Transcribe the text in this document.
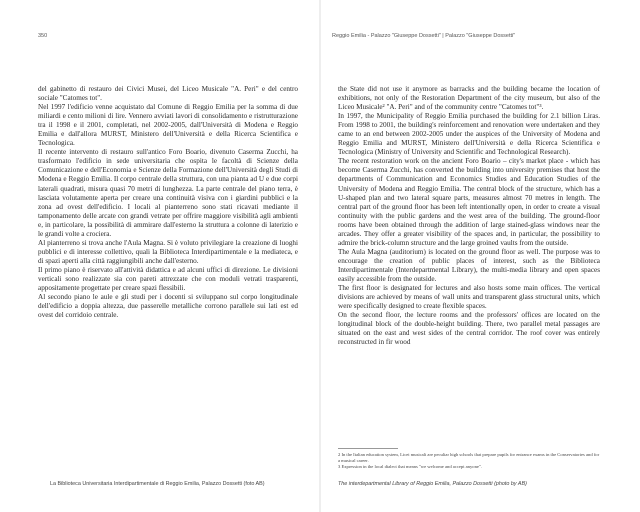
350	Reggio Emilia - Palazzo "Giuseppe Dossetti" | Palazzo "Giuseppe Dossetti"

del gabinetto di restauro dei Civici Musei, del Liceo Musicale "A. Peri" e del centro sociale "Catomes tot".

Nel 1997 l'edificio venne acquistato dal Comune di Reggio Emilia per la somma di due miliardi e cento milioni di lire. Vennero avviati lavori di consolidamento e ristrutturazione tra il 1998 e il 2001, completati, nel 2002-2005, dall'Università di Modena e Reggio Emilia e dall'allora MURST, Ministero dell'Università e della Ricerca Scientifica e Tecnologica.

Il recente intervento di restauro sull'antico Foro Boario, divenuto Caserma Zucchi, ha trasformato l'edificio in sede universitaria che ospita le facoltà di Scienze della Comunicazione e dell'Economia e Scienze della Formazione dell'Università degli Studi di Modena e Reggio Emilia. Il corpo centrale della struttura, con una pianta ad U e due corpi laterali quadrati, misura quasi 70 metri di lunghezza. La parte centrale del piano terra, è lasciata volutamente aperta per creare una continuità visiva con i giardini pubblici e la zona ad ovest dell'edificio. I locali al pianterreno sono stati ricavati mediante il tamponamento delle arcate con grandi vetrate per offrire maggiore visibilità agli ambienti e, in particolare, la possibilità di ammirare dall'esterno la struttura a colonne di laterizio e le grandi volte a crociera.

Al pianterreno si trova anche l'Aula Magna. Si è voluto privilegiare la creazione di luoghi pubblici e di interesse collettivo, quali la Biblioteca Interdipartimentale e la mediateca, e di spazi aperti alla città raggiungibili anche dall'esterno.

Il primo piano è riservato all'attività didattica e ad alcuni uffici di direzione. Le divisioni verticali sono realizzate sia con pareti attrezzate che con moduli vetrati trasparenti, appositamente progettate per creare spazi flessibili.

Al secondo piano le aule e gli studi per i docenti si sviluppano sul corpo longitudinale dell'edificio a doppia altezza, due passerelle metalliche corrono parallele sui lati est ed ovest del corridoio centrale.

the State did not use it anymore as barracks and the building became the location of exhibitions, not only of the Restoration Department of the city museum, but also of the Liceo Musicale² "A. Peri" and of the community centre "Catomes tot"³.

In 1997, the Municipality of Reggio Emilia purchased the building for 2.1 billion Liras. From 1998 to 2001, the building's reinforcement and renovation were undertaken and they came to an end between 2002-2005 under the auspices of the University of Modena and Reggio Emilia and MURST, Ministero dell'Università e della Ricerca Scientifica e Tecnologica (Ministry of University and Scientific and Technological Research).

The recent restoration work on the ancient Foro Boario – city's market place - which has become Caserma Zucchi, has converted the building into university premises that host the departments of Communication and Economics Studies and Education Studies of the University of Modena and Reggio Emilia. The central block of the structure, which has a U-shaped plan and two lateral square parts, measures almost 70 metres in length. The central part of the ground floor has been left intentionally open, in order to create a visual continuity with the public gardens and the west area of the building. The ground-floor rooms have been obtained through the addition of large stained-glass windows near the arcades. They offer a greater visibility of the spaces and, in particular, the possibility to admire the brick-column structure and the large groined vaults from the outside.

The Aula Magna (auditorium) is located on the ground floor as well. The purpose was to encourage the creation of public places of interest, such as the Biblioteca Interdipartimentale (Interdepartmental Library), the multi-media library and open spaces easily accessible from the outside.

The first floor is designated for lectures and also hosts some main offices. The vertical divisions are achieved by means of wall units and transparent glass structural units, which were specifically designed to create flexible spaces.

On the second floor, the lecture rooms and the professors' offices are located on the longitudinal block of the double-height building. There, two parallel metal passages are situated on the east and west sides of the central corridor. The roof cover was entirely reconstructed in fir wood

2 In the Italian education system, Licei musicali are peculiar high schools that prepare pupils for entrance exams in the Conservatories and for a musical career.

3 Expression in the local dialect that means "we welcome and accept anyone".

La Biblioteca Universitaria Interdipartimentale di Reggio Emilia, Palazzo Dossetti (foto AB)	The interdepartmental Library of Reggio Emilia, Palazzo Dossetti (photo by AB)
